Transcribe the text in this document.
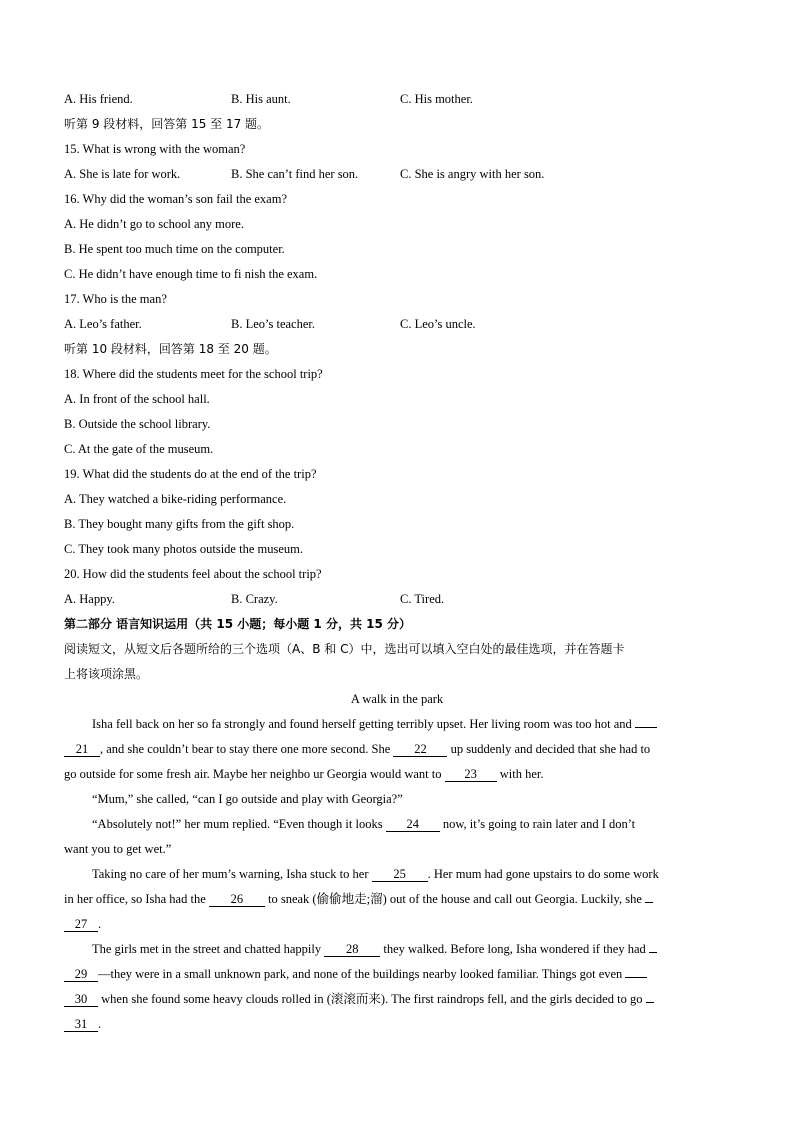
A. His friend.	B. His aunt.	C. His mother.
听第 9 段材料，回答第 15 至 17 题。
15. What is wrong with the woman?
A. She is late for work.	B. She can’t find her son.	C. She is angry with her son.
16. Why did the woman’s son fail the exam?
A. He didn’t go to school any more.
B. He spent too much time on the computer.
C. He didn’t have enough time to fi nish the exam.
17. Who is the man?
A. Leo’s father.	B. Leo’s teacher.	C. Leo’s uncle.
听第 10 段材料，回答第 18 至 20 题。
18. Where did the students meet for the school trip?
A. In front of the school hall.
B. Outside the school library.
C. At the gate of the museum.
19. What did the students do at the end of the trip?
A. They watched a bike-riding performance.
B. They bought many gifts from the gift shop.
C. They took many photos outside the museum.
20. How did the students feel about the school trip?
A. Happy.	B. Crazy.	C. Tired.
第二部分 语言知识运用（共 15 小题；每小题 1 分，共 15 分）
阅读短文，从短文后各题所给的三个选项（A、B 和 C）中，选出可以填入空白处的最佳选项，并在答题卡
上将该项涂黑。
A walk in the park
Isha fell back on her so fa strongly and found herself getting terribly upset. Her living room was too hot and
21 , and she couldn’t bear to stay there one more second. She 22 up suddenly and decided that she had to
go outside for some fresh air. Maybe her neighbo ur Georgia would want to 23 with her.
“Mum,” she called, “can I go outside and play with Georgia?”
“Absolutely not!” her mum replied. “Even though it looks 24 now, it’s going to rain later and I don’t
want you to get wet.”
Taking no care of her mum’s warning, Isha stuck to her 25 . Her mum had gone upstairs to do some work
in her office, so Isha had the 26 to sneak (偷偷地走;溜) out of the house and call out Georgia. Luckily, she
27 .
The girls met in the street and chatted happily 28 they walked. Before long, Isha wondered if they had
29 —they were in a small unknown park, and none of the buildings nearby looked familiar. Things got even
30 when she found some heavy clouds rolled in (滚滚而来). The first raindrops fell, and the girls decided to go
31 .
